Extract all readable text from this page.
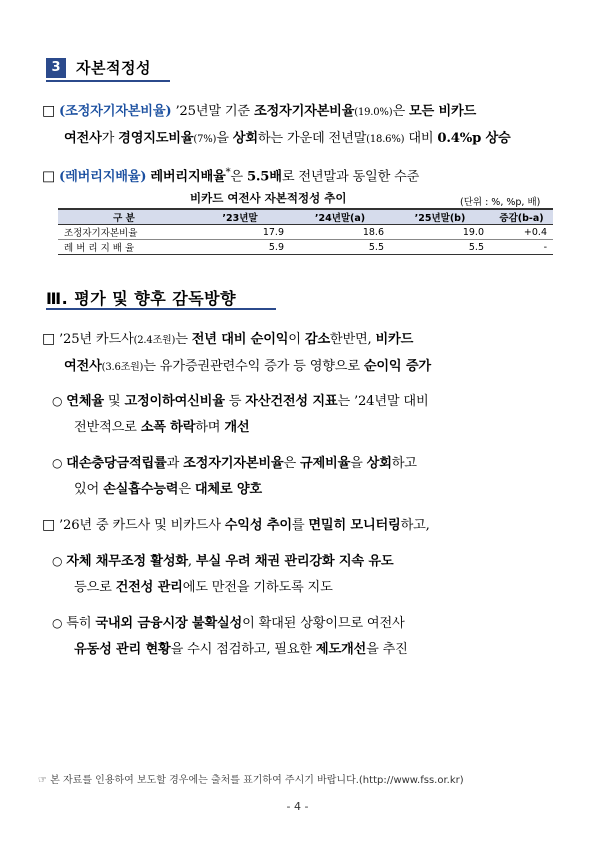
3	자본적정성
□ (조정자기자본비율) ’25년말 기준 조정자기자본비율(19.0%)은 모든 비카드
여전사가 경영지도비율(7%)을 상회하는 가운데 전년말(18.6%) 대비 0.4%p 상승
□ (레버리지배율) 레버리지배율*은 5.5배로 전년말과 동일한 수준
비카드 여전사 자본적정성 추이	(단위 : %, %p, 배)
구 분	’23년말	’24년말(a)	’25년말(b)	증감(b-a)
조정자기자본비율	17.9	18.6	19.0	+0.4
레 버 리 지 배 율	5.9	5.5	5.5	-
Ⅲ. 평가 및 향후 감독방향
□ ’25년 카드사(2.4조원)는 전년 대비 순이익이 감소한반면, 비카드
여전사(3.6조원)는 유가증권관련수익 증가 등 영향으로 순이익 증가
○ 연체율 및 고정이하여신비율 등 자산건전성 지표는 ’24년말 대비
전반적으로 소폭 하락하며 개선
○ 대손충당금적립률과 조정자기자본비율은 규제비율을 상회하고
있어 손실흡수능력은 대체로 양호
□ ’26년 중 카드사 및 비카드사 수익성 추이를 면밀히 모니터링하고,
○ 자체 채무조정 활성화, 부실 우려 채권 관리강화 지속 유도
등으로 건전성 관리에도 만전을 기하도록 지도
○ 특히 국내외 금융시장 불확실성이 확대된 상황이므로 여전사
유동성 관리 현황을 수시 점검하고, 필요한 제도개선을 추진
☞ 본 자료를 인용하여 보도할 경우에는 출처를 표기하여 주시기 바랍니다.(http://www.fss.or.kr)
- 4 -
